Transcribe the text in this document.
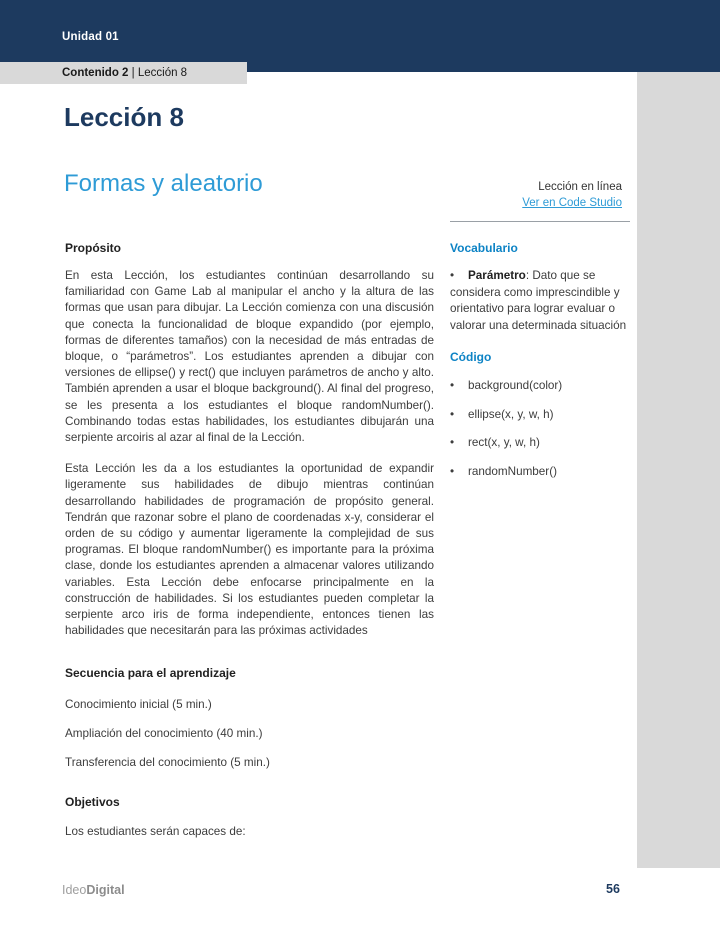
Unidad 01
Contenido 2 | Lección 8
Lección 8
Formas y aleatorio	Lección en línea
Ver en Code Studio
Propósito

En esta Lección, los estudiantes continúan desarrollando su familiaridad con Game Lab al manipular el ancho y la altura de las formas que usan para dibujar. La Lección comienza con una discusión que conecta la funcionalidad de bloque expandido (por ejemplo, formas de diferentes tamaños) con la necesidad de más entradas de bloque, o “parámetros”. Los estudiantes aprenden a dibujar con versiones de ellipse() y rect() que incluyen parámetros de ancho y alto. También aprenden a usar el bloque background(). Al final del progreso, se les presenta a los estudiantes el bloque randomNumber(). Combinando todas estas habilidades, los estudiantes dibujarán una serpiente arcoiris al azar al final de la Lección.

Esta Lección les da a los estudiantes la oportunidad de expandir ligeramente sus habilidades de dibujo mientras continúan desarrollando habilidades de programación de propósito general. Tendrán que razonar sobre el plano de coordenadas x-y, considerar el orden de su código y aumentar ligeramente la complejidad de sus programas. El bloque randomNumber() es importante para la próxima clase, donde los estudiantes aprenden a almacenar valores utilizando variables. Esta Lección debe enfocarse principalmente en la construcción de habilidades. Si los estudiantes pueden completar la serpiente arco iris de forma independiente, entonces tienen las habilidades que necesitarán para las próximas actividades

Secuencia para el aprendizaje

Conocimiento inicial (5 min.)

Ampliación del conocimiento (40 min.)

Transferencia del conocimiento (5 min.)

Objetivos

Los estudiantes serán capaces de:

Vocabulario

•Parámetro: Dato que se considera como imprescindible y orientativo para lograr evaluar o valorar una determinada situación

Código
•background(color)
•ellipse(x, y, w, h)
•rect(x, y, w, h)
•randomNumber()
IdeoDigital	56
